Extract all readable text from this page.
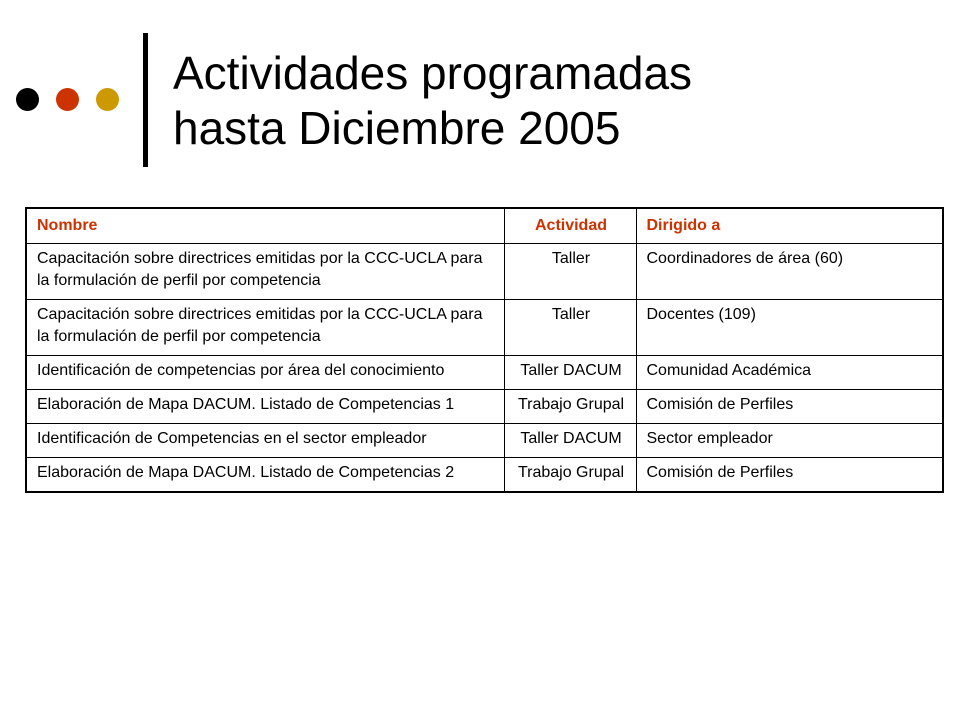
Actividades programadas
hasta Diciembre 2005
Nombre	Actividad	Dirigido a
Capacitación sobre directrices emitidas por la CCC-UCLA para la formulación de perfil por competencia	Taller	Coordinadores de área (60)
Capacitación sobre directrices emitidas por la CCC-UCLA para la formulación de perfil por competencia	Taller	Docentes (109)
Identificación de competencias por área del conocimiento	Taller DACUM	Comunidad Académica
Elaboración de Mapa DACUM. Listado de Competencias 1	Trabajo Grupal	Comisión de Perfiles
Identificación de Competencias en el sector empleador	Taller DACUM	Sector empleador
Elaboración de Mapa DACUM. Listado de Competencias 2	Trabajo Grupal	Comisión de Perfiles
